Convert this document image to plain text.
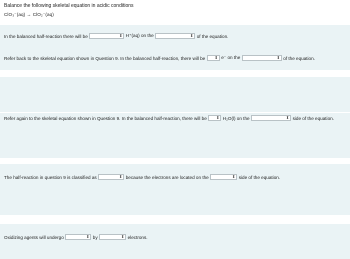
Balance the following skeletal equation in acidic conditions
ClO₃⁻(aq) → ClO₂⁻(aq)
In the balanced half-reaction there will be	⬍ H⁺(aq) on the	⬍ of the equation.
Refer back to the skeletal equation shown in Question 9. In the balanced half-reaction, there will be ⬍ e⁻ on the	⬍ of the equation.
Refer again to the skeletal equation shown in Question 9. In the balanced half-reaction, there will be ⬍ H₂O(l) on the	⬍ side of the equation.
The half-reaction in question 9 is classified as	⬍ because the electrons are located on the	⬍ side of the equation.
Oxidizing agents will undergo	⬍ by	⬍ electrons.
